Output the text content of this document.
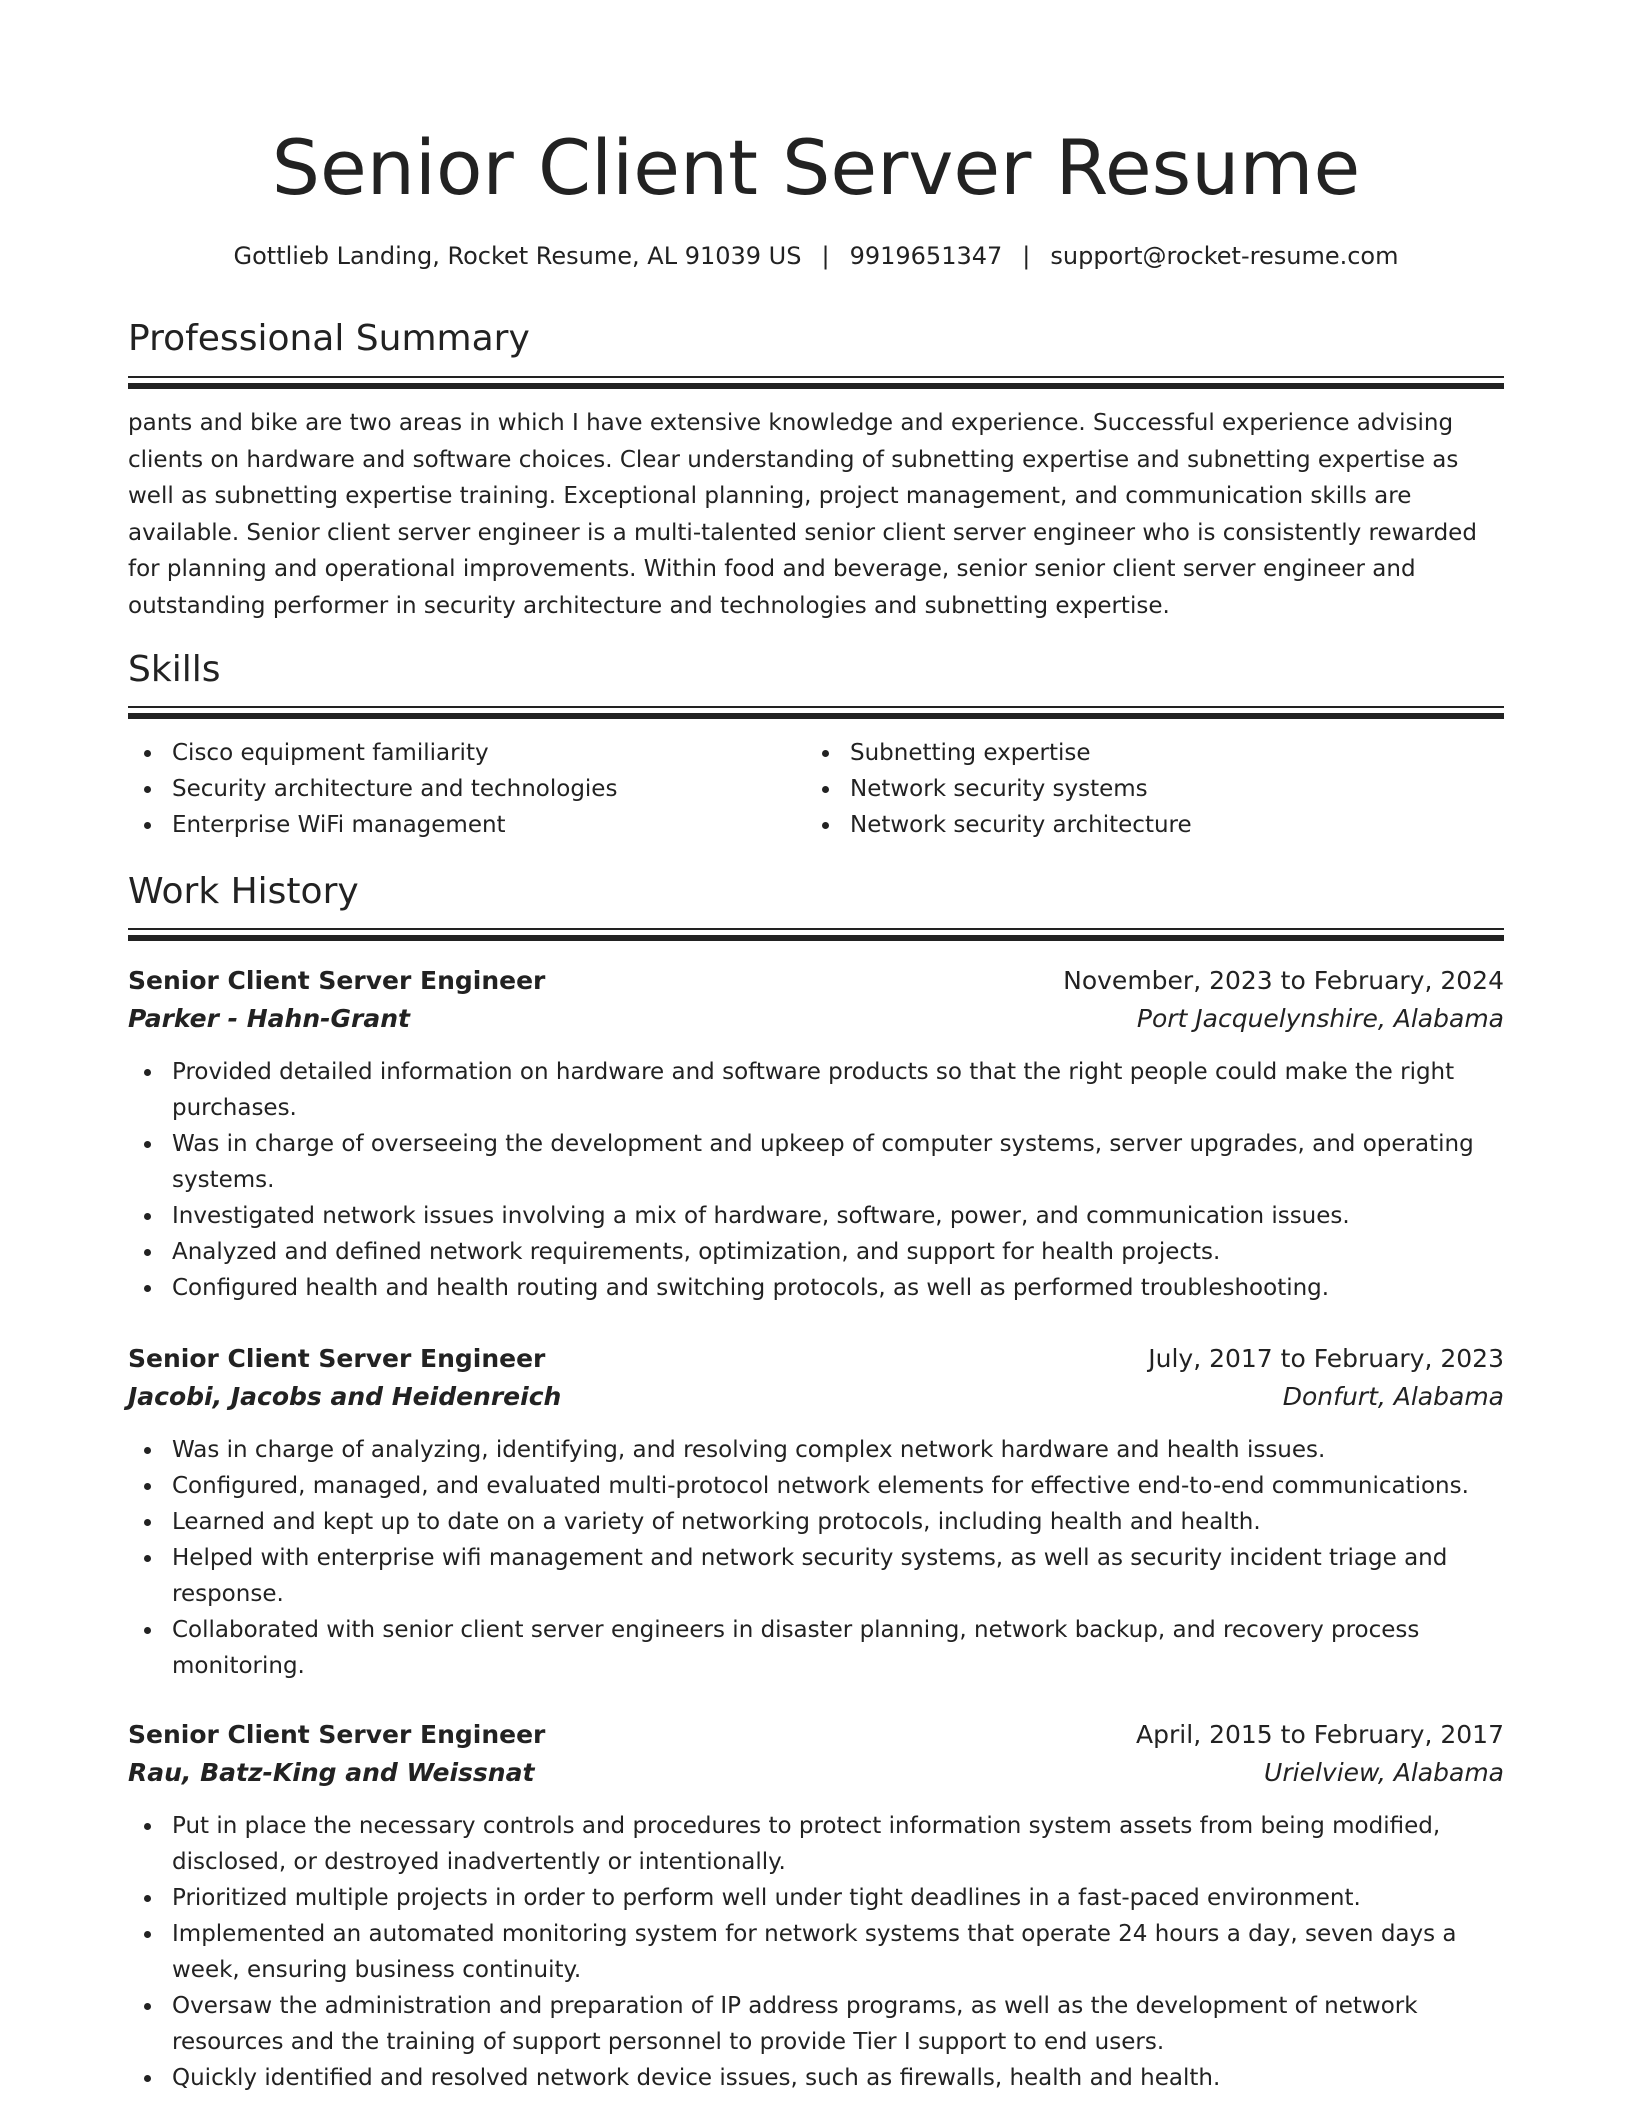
Senior Client Server Resume
Gottlieb Landing, Rocket Resume, AL 91039 US | 9919651347 | support@rocket-resume.com
Professional Summary

pants and bike are two areas in which I have extensive knowledge and experience. Successful experience advising clients on hardware and software choices. Clear understanding of subnetting expertise and subnetting expertise as well as subnetting expertise training. Exceptional planning, project management, and communication skills are available. Senior client server engineer is a multi-talented senior client server engineer who is consistently rewarded for planning and operational improvements. Within food and beverage, senior senior client server engineer and outstanding performer in security architecture and technologies and subnetting expertise.

Skills
Cisco equipment familiarity
Security architecture and technologies
Enterprise WiFi management
Subnetting expertise
Network security systems
Network security architecture
Work History
Senior Client Server Engineer	November, 2023 to February, 2024
Parker - Hahn-Grant	Port Jacquelynshire, Alabama
Provided detailed information on hardware and software products so that the right people could make the right purchases.
Was in charge of overseeing the development and upkeep of computer systems, server upgrades, and operating systems.
Investigated network issues involving a mix of hardware, software, power, and communication issues.
Analyzed and defined network requirements, optimization, and support for health projects.
Configured health and health routing and switching protocols, as well as performed troubleshooting.
Senior Client Server Engineer	July, 2017 to February, 2023
Jacobi, Jacobs and Heidenreich	Donfurt, Alabama
Was in charge of analyzing, identifying, and resolving complex network hardware and health issues.
Configured, managed, and evaluated multi-protocol network elements for effective end-to-end communications.
Learned and kept up to date on a variety of networking protocols, including health and health.
Helped with enterprise wifi management and network security systems, as well as security incident triage and response.
Collaborated with senior client server engineers in disaster planning, network backup, and recovery process monitoring.
Senior Client Server Engineer	April, 2015 to February, 2017
Rau, Batz-King and Weissnat	Urielview, Alabama
Put in place the necessary controls and procedures to protect information system assets from being modified, disclosed, or destroyed inadvertently or intentionally.
Prioritized multiple projects in order to perform well under tight deadlines in a fast-paced environment.
Implemented an automated monitoring system for network systems that operate 24 hours a day, seven days a week, ensuring business continuity.
Oversaw the administration and preparation of IP address programs, as well as the development of network resources and the training of support personnel to provide Tier I support to end users.
Quickly identified and resolved network device issues, such as firewalls, health and health.
